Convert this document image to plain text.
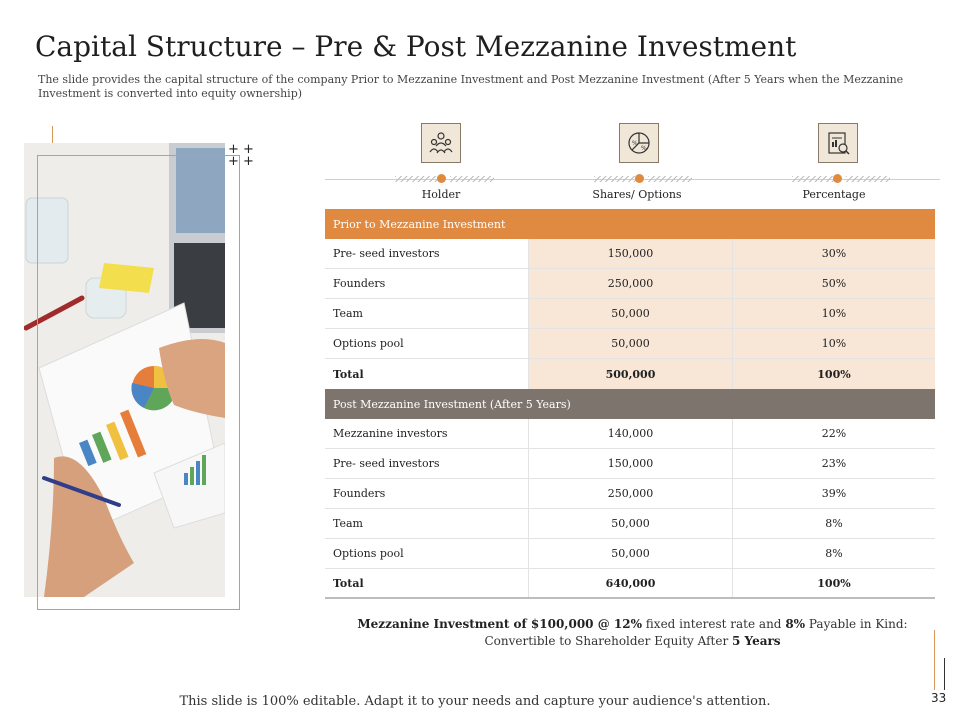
Capital Structure – Pre & Post Mezzanine Investment
The slide provides the capital structure of the company Prior to Mezzanine Investment and Post Mezzanine Investment (After 5 Years when the Mezzanine Investment is converted into equity ownership)
+ +
+ +
%
%
Holder	Shares/ Options	Percentage
Prior to Mezzanine Investment
Pre- seed investors	150,000	30%
Founders	250,000	50%
Team	50,000	10%
Options pool	50,000	10%
Total	500,000	100%
Post Mezzanine Investment (After 5 Years)
Mezzanine investors	140,000	22%
Pre- seed investors	150,000	23%
Founders	250,000	39%
Team	50,000	8%
Options pool	50,000	8%
Total	640,000	100%
Mezzanine Investment of $100,000 @ 12% fixed interest rate and 8% Payable in Kind:
Convertible to Shareholder Equity After 5 Years
33
This slide is 100% editable. Adapt it to your needs and capture your audience's attention.
